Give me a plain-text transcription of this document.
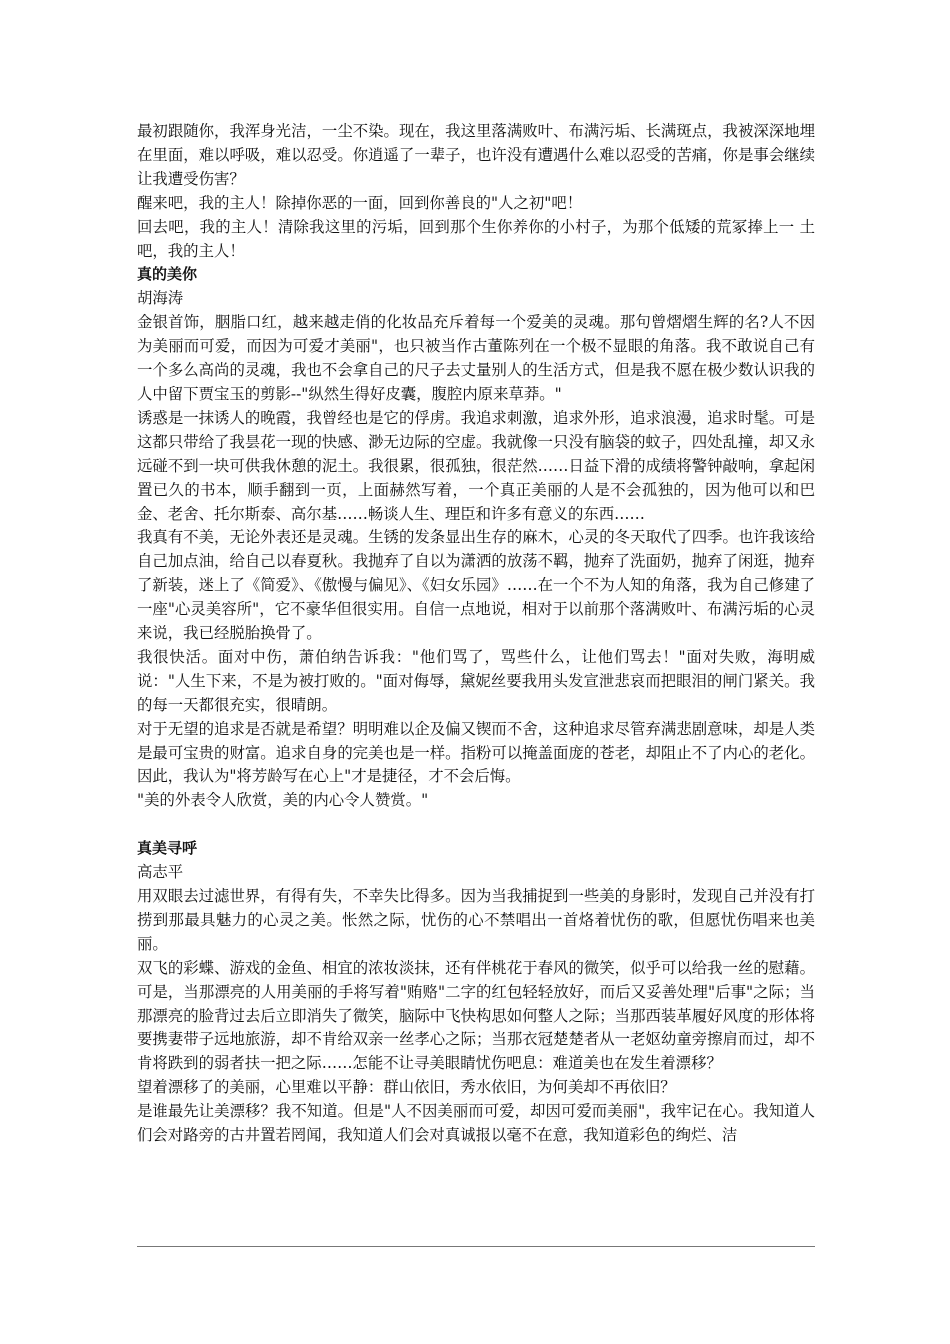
最初跟随你，我浑身光洁，一尘不染。现在，我这里落满败叶、布满污垢、长满斑点，我被深深地埋在里面，难以呼吸，难以忍受。你逍遥了一辈子，也许没有遭遇什么难以忍受的苦痛，你是事会继续让我遭受伤害？

醒来吧，我的主人！除掉你恶的一面，回到你善良的"人之初"吧！

回去吧，我的主人！清除我这里的污垢，回到那个生你养你的小村子，为那个低矮的荒冢捧上一 土吧，我的主人！

真的美你

胡海涛

金银首饰，胭脂口红，越来越走俏的化妆品充斥着每一个爱美的灵魂。那句曾熠熠生辉的名?人不因为美丽而可爱，而因为可爱才美丽"，也只被当作古董陈列在一个极不显眼的角落。我不敢说自己有一个多么高尚的灵魂，我也不会拿自己的尺子去丈量别人的生活方式，但是我不愿在极少数认识我的人中留下贾宝玉的剪影--"纵然生得好皮囊，腹腔内原来草莽。"

诱惑是一抹诱人的晚霞，我曾经也是它的俘虏。我追求刺激，追求外形，追求浪漫，追求时髦。可是这都只带给了我昙花一现的快感、渺无边际的空虚。我就像一只没有脑袋的蚊子，四处乱撞，却又永远碰不到一块可供我休憩的泥土。我很累，很孤独，很茫然……日益下滑的成绩将警钟敲响，拿起闲置已久的书本，顺手翻到一页，上面赫然写着，一个真正美丽的人是不会孤独的，因为他可以和巴金、老舍、托尔斯泰、高尔基……畅谈人生、理臣和许多有意义的东西……

我真有不美，无论外表还是灵魂。生锈的发条显出生存的麻木，心灵的冬天取代了四季。也许我该给自己加点油，给自己以春夏秋。我抛弃了自以为潇洒的放荡不羁，抛弃了洗面奶，抛弃了闲逛，抛弃了新装，迷上了《简爱》、《傲慢与偏见》、《妇女乐园》……在一个不为人知的角落，我为自己修建了一座"心灵美容所"，它不豪华但很实用。自信一点地说，相对于以前那个落满败叶、布满污垢的心灵来说，我已经脱胎换骨了。

我很快活。面对中伤，萧伯纳告诉我："他们骂了，骂些什么，让他们骂去！"面对失败，海明威说："人生下来，不是为被打败的。"面对侮辱，黛妮丝要我用头发宣泄悲哀而把眼泪的闸门紧关。我的每一天都很充实，很晴朗。

对于无望的追求是否就是希望？明明难以企及偏又锲而不舍，这种追求尽管弃满悲剧意味，却是人类是最可宝贵的财富。追求自身的完美也是一样。指粉可以掩盖面庞的苍老，却阻止不了内心的老化。因此，我认为"将芳龄写在心上"才是捷径，才不会后悔。

"美的外表令人欣赏，美的内心令人赞赏。"

真美寻呼

高志平

用双眼去过滤世界，有得有失，不幸失比得多。因为当我捕捉到一些美的身影时，发现自己并没有打捞到那最具魅力的心灵之美。怅然之际，忧伤的心不禁唱出一首烙着忧伤的歌，但愿忧伤唱来也美丽。

双飞的彩蝶、游戏的金鱼、相宜的浓妆淡抹，还有伴桃花于春风的微笑，似乎可以给我一丝的慰藉。可是，当那漂亮的人用美丽的手将写着"贿赂"二字的红包轻轻放好，而后又妥善处理"后事"之际；当那漂亮的脸背过去后立即消失了微笑，脑际中飞快构思如何整人之际；当那西装革履好风度的形体将要携妻带子远地旅游，却不肯给双亲一丝孝心之际；当那衣冠楚楚者从一老妪幼童旁擦肩而过，却不肯将跌到的弱者扶一把之际……怎能不让寻美眼睛忧伤吧息：难道美也在发生着漂移？

望着漂移了的美丽，心里难以平静：群山依旧，秀水依旧，为何美却不再依旧？

是谁最先让美漂移？我不知道。但是"人不因美丽而可爱，却因可爱而美丽"，我牢记在心。我知道人们会对路旁的古井置若罔闻，我知道人们会对真诚报以毫不在意，我知道彩色的绚烂、洁
